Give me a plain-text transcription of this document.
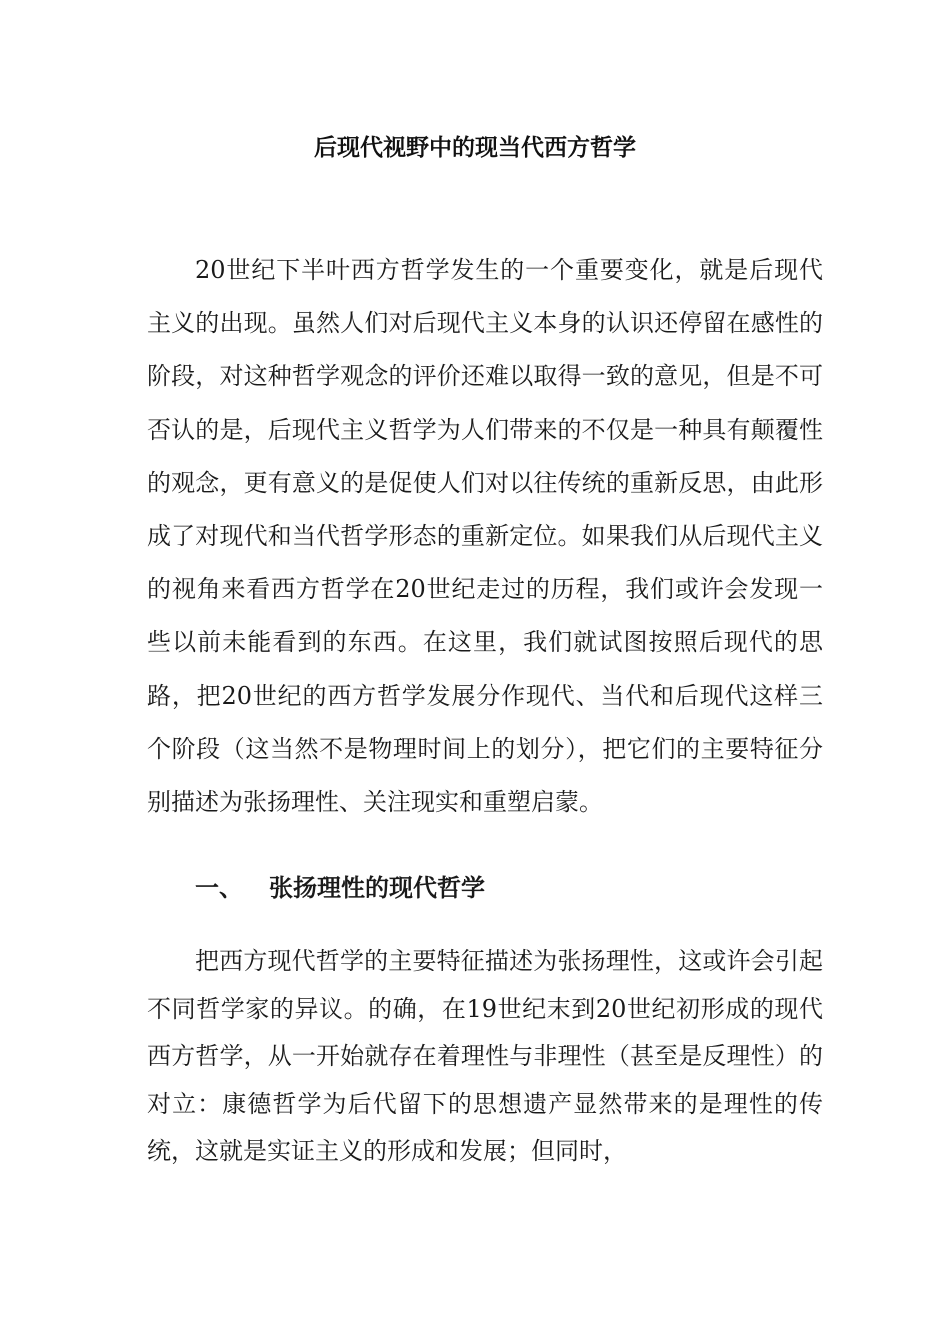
后现代视野中的现当代西方哲学

20世纪下半叶西方哲学发生的一个重要变化，就是后现代主义的出现。虽然人们对后现代主义本身的认识还停留在感性的阶段，对这种哲学观念的评价还难以取得一致的意见，但是不可否认的是，后现代主义哲学为人们带来的不仅是一种具有颠覆性的观念，更有意义的是促使人们对以往传统的重新反思，由此形成了对现代和当代哲学形态的重新定位。如果我们从后现代主义的视角来看西方哲学在20世纪走过的历程，我们或许会发现一些以前未能看到的东西。在这里，我们就试图按照后现代的思路，把20世纪的西方哲学发展分作现代、当代和后现代这样三个阶段（这当然不是物理时间上的划分），把它们的主要特征分别描述为张扬理性、关注现实和重塑启蒙。

一、 张扬理性的现代哲学

把西方现代哲学的主要特征描述为张扬理性，这或许会引起不同哲学家的异议。的确，在19世纪末到20世纪初形成的现代西方哲学，从一开始就存在着理性与非理性（甚至是反理性）的对立：康德哲学为后代留下的思想遗产显然带来的是理性的传统，这就是实证主义的形成和发展；但同时，
